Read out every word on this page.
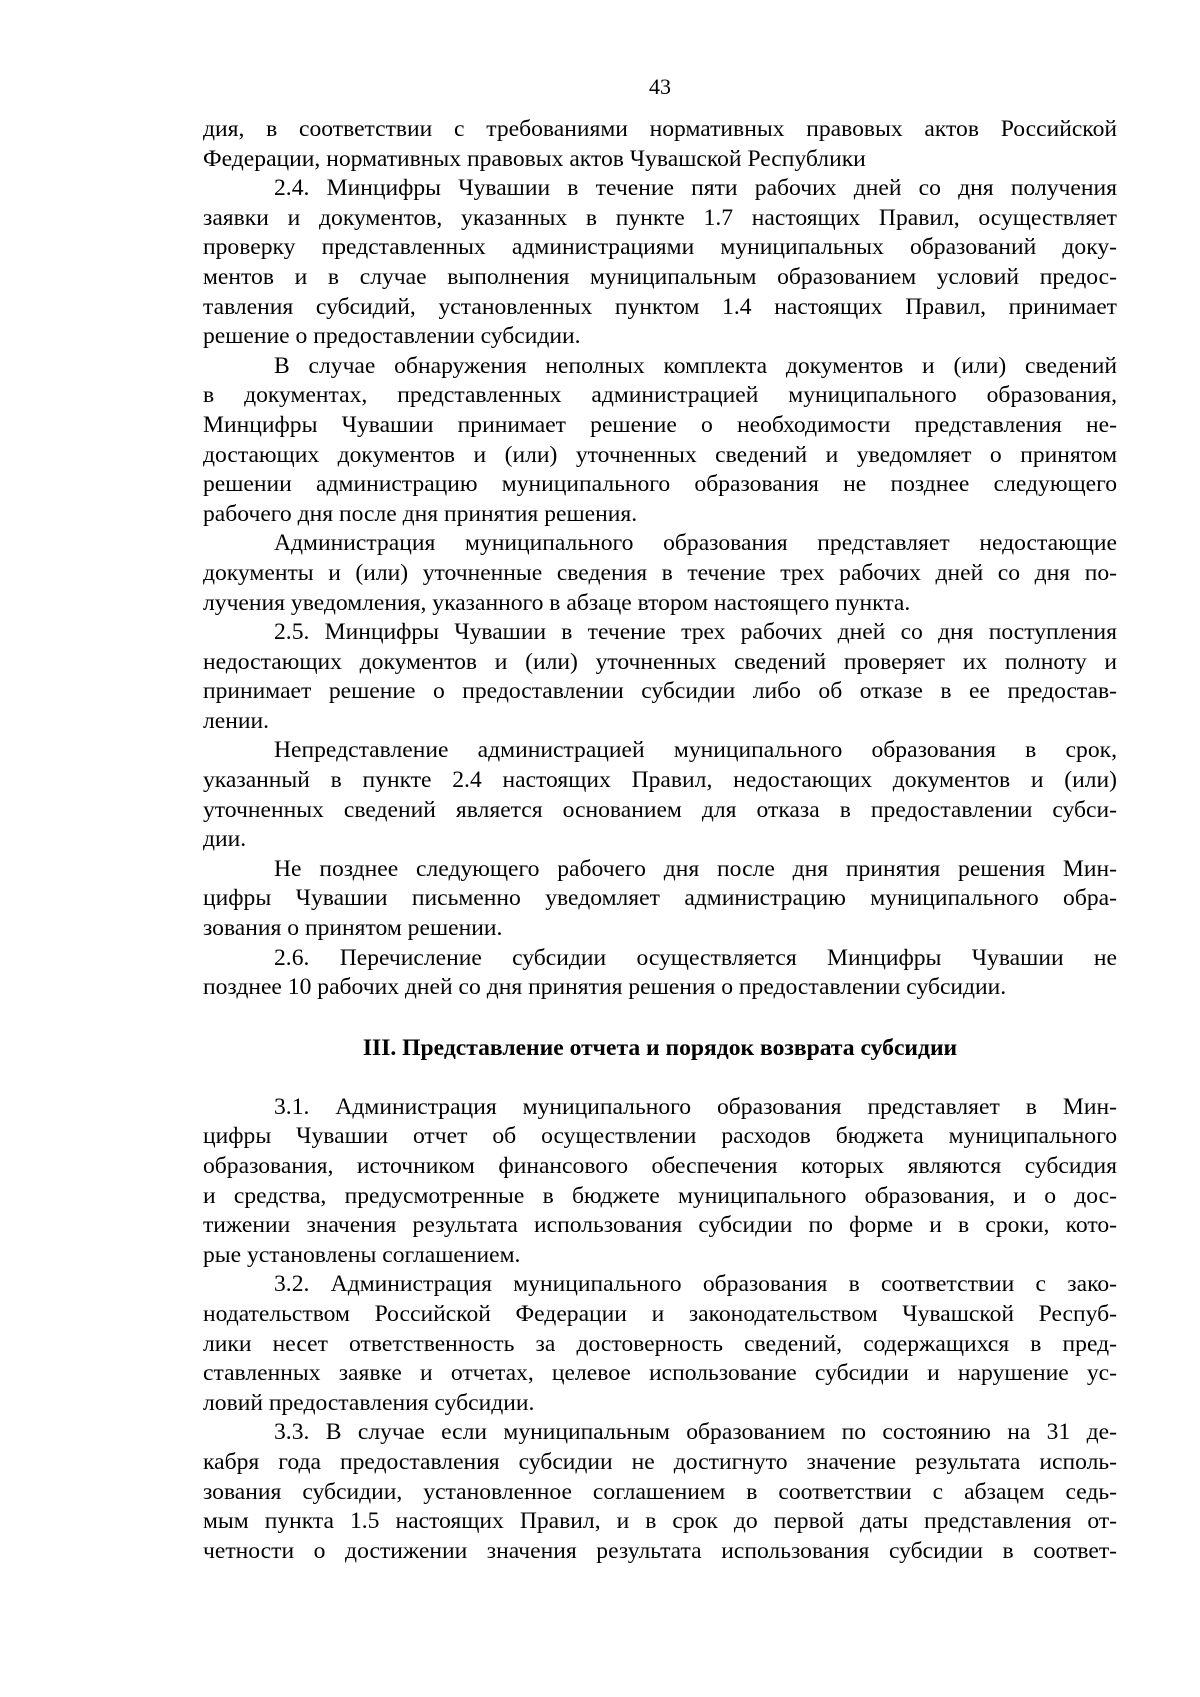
43
дия, в соответствии с требованиями нормативных правовых актов Российской
Федерации, нормативных правовых актов Чувашской Республики
2.4. Минцифры Чувашии в течение пяти рабочих дней со дня получения
заявки и документов, указанных в пункте 1.7 настоящих Правил, осуществляет
проверку представленных администрациями муниципальных образований доку-
ментов и в случае выполнения муниципальным образованием условий предос-
тавления субсидий, установленных пунктом 1.4 настоящих Правил, принимает
решение о предоставлении субсидии.
В случае обнаружения неполных комплекта документов и (или) сведений
в документах, представленных администрацией муниципального образования,
Минцифры Чувашии принимает решение о необходимости представления не-
достающих документов и (или) уточненных сведений и уведомляет о принятом
решении администрацию муниципального образования не позднее следующего
рабочего дня после дня принятия решения.
Администрация муниципального образования представляет недостающие
документы и (или) уточненные сведения в течение трех рабочих дней со дня по-
лучения уведомления, указанного в абзаце втором настоящего пункта.
2.5. Минцифры Чувашии в течение трех рабочих дней со дня поступления
недостающих документов и (или) уточненных сведений проверяет их полноту и
принимает решение о предоставлении субсидии либо об отказе в ее предостав-
лении.
Непредставление администрацией муниципального образования в срок,
указанный в пункте 2.4 настоящих Правил, недостающих документов и (или)
уточненных сведений является основанием для отказа в предоставлении субси-
дии.
Не позднее следующего рабочего дня после дня принятия решения Мин-
цифры Чувашии письменно уведомляет администрацию муниципального обра-
зования о принятом решении.
2.6. Перечисление субсидии осуществляется Минцифры Чувашии не
позднее 10 рабочих дней со дня принятия решения о предоставлении субсидии.
III. Представление отчета и порядок возврата субсидии
3.1. Администрация муниципального образования представляет в Мин-
цифры Чувашии отчет об осуществлении расходов бюджета муниципального
образования, источником финансового обеспечения которых являются субсидия
и средства, предусмотренные в бюджете муниципального образования, и о дос-
тижении значения результата использования субсидии по форме и в сроки, кото-
рые установлены соглашением.
3.2. Администрация муниципального образования в соответствии с зако-
нодательством Российской Федерации и законодательством Чувашской Респуб-
лики несет ответственность за достоверность сведений, содержащихся в пред-
ставленных заявке и отчетах, целевое использование субсидии и нарушение ус-
ловий предоставления субсидии.
3.3. В случае если муниципальным образованием по состоянию на 31 де-
кабря года предоставления субсидии не достигнуто значение результата исполь-
зования субсидии, установленное соглашением в соответствии с абзацем седь-
мым пункта 1.5 настоящих Правил, и в срок до первой даты представления от-
четности о достижении значения результата использования субсидии в соответ-
